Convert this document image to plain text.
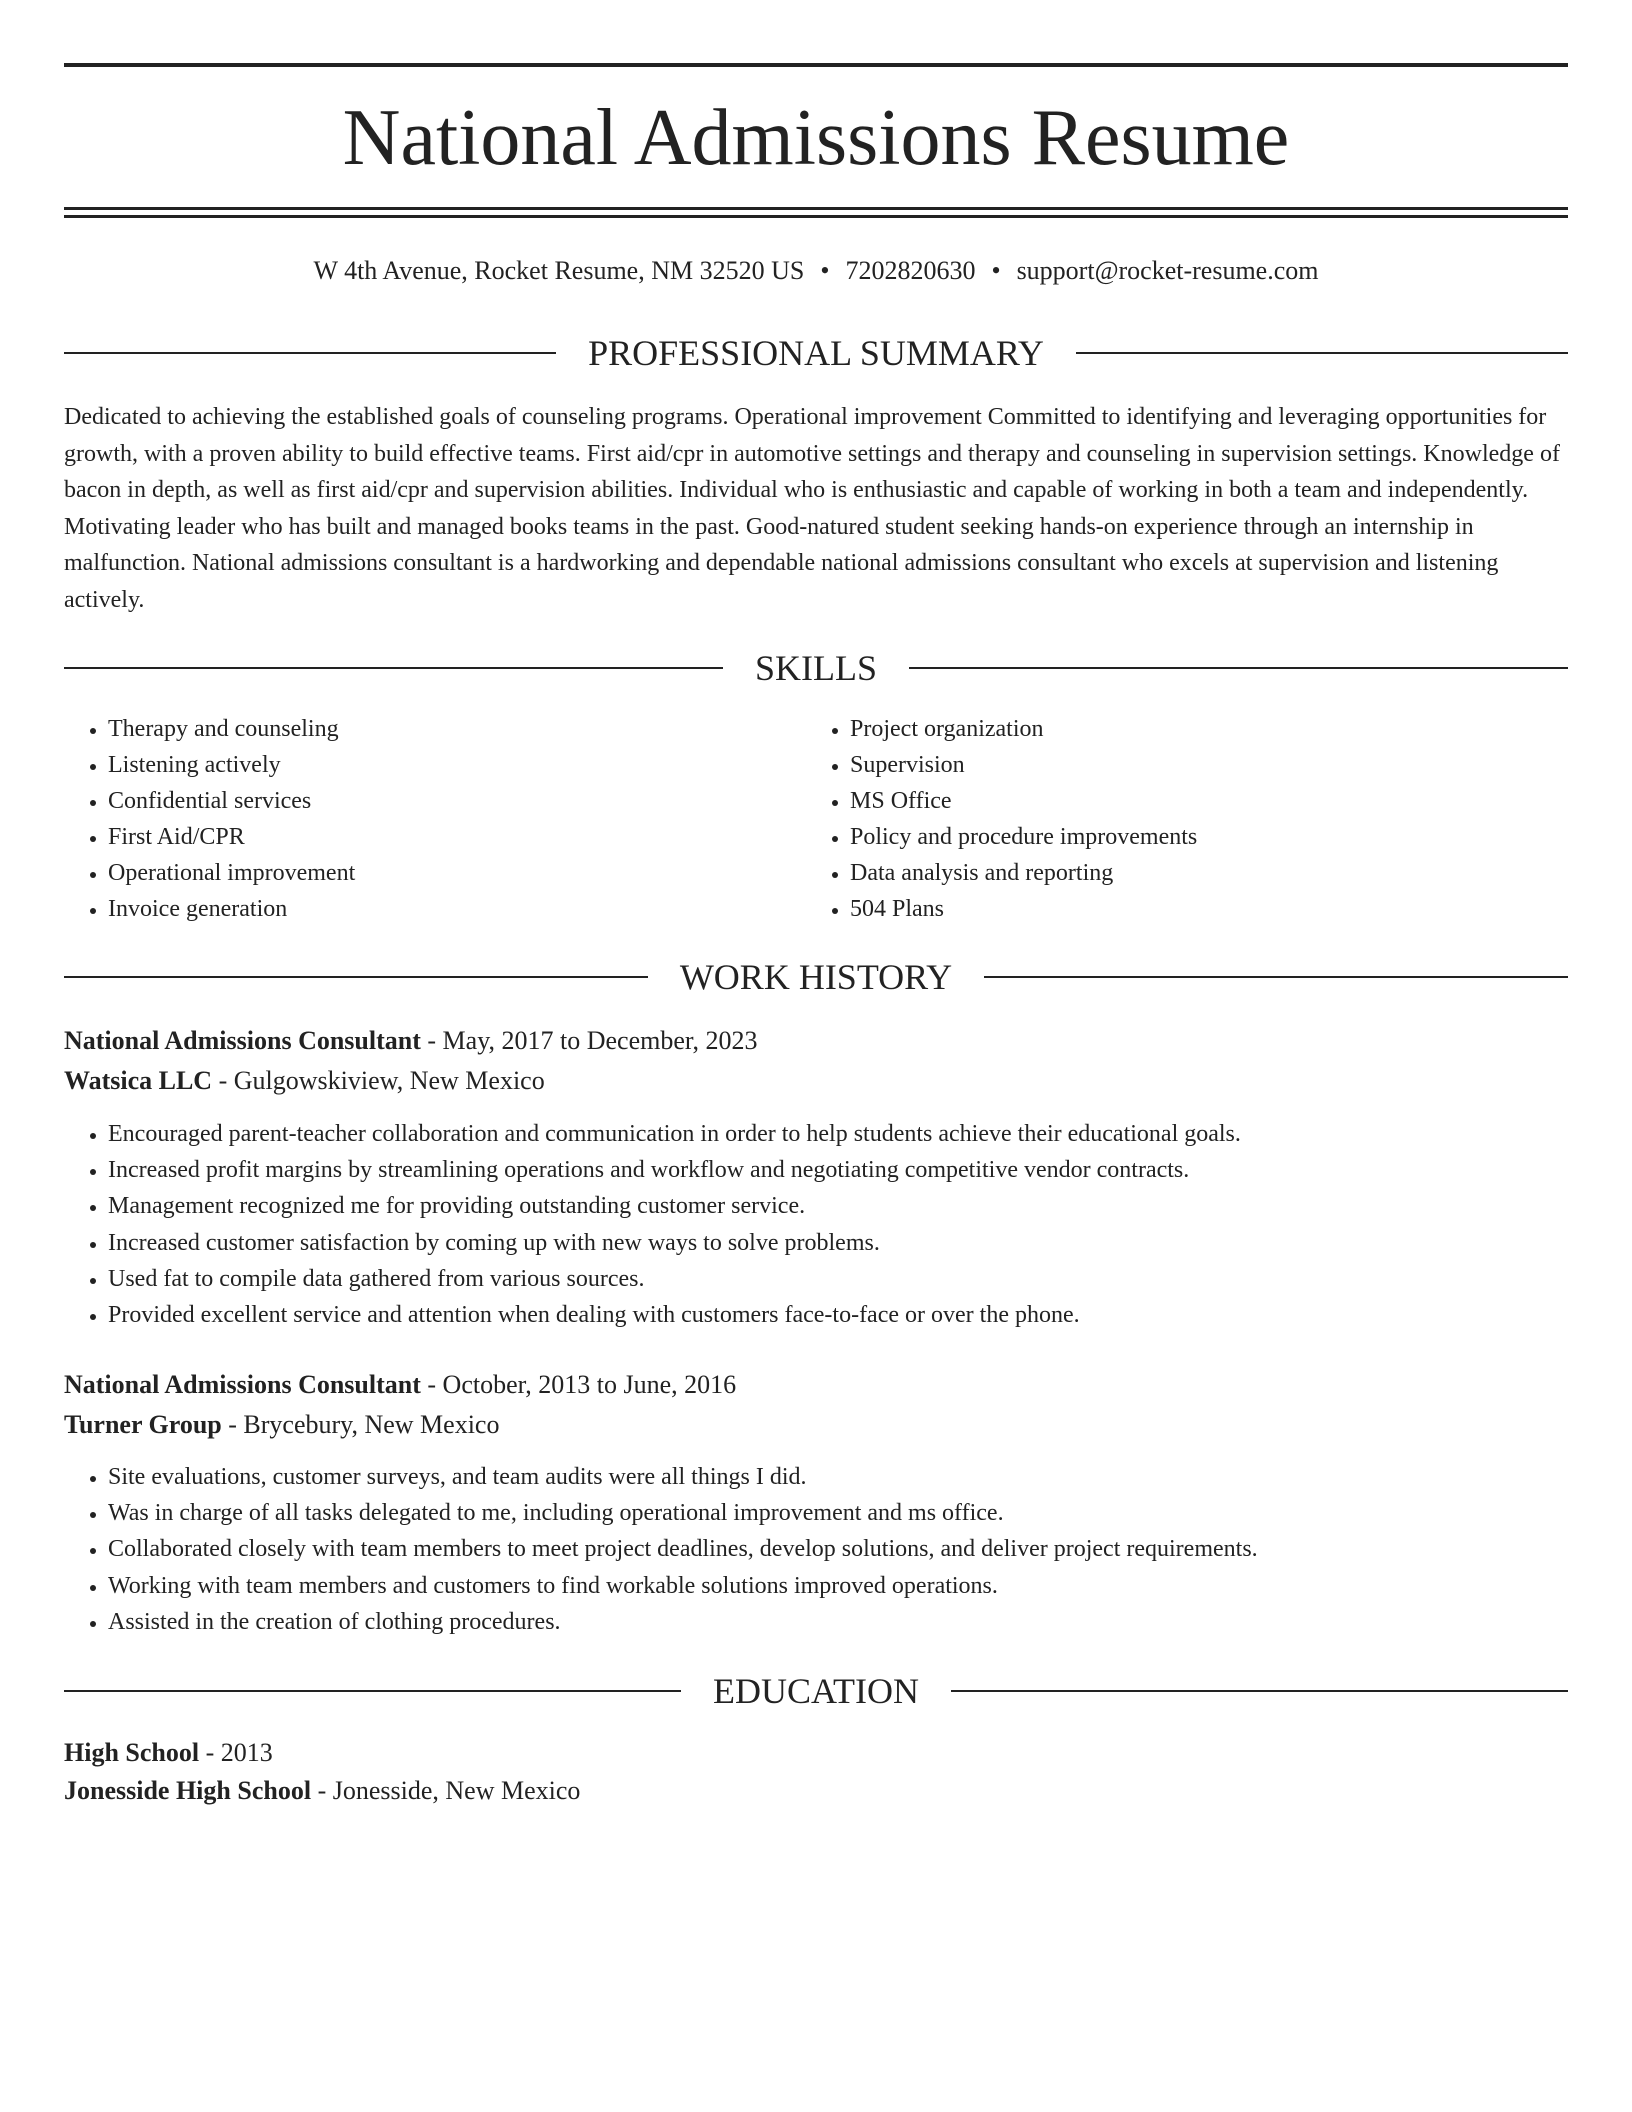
National Admissions Resume
W 4th Avenue, Rocket Resume, NM 32520 US • 7202820630 • support@rocket-resume.com
PROFESSIONAL SUMMARY

Dedicated to achieving the established goals of counseling programs. Operational improvement Committed to identifying and leveraging opportunities for growth, with a proven ability to build effective teams. First aid/cpr in automotive settings and therapy and counseling in supervision settings. Knowledge of bacon in depth, as well as first aid/cpr and supervision abilities. Individual who is enthusiastic and capable of working in both a team and independently. Motivating leader who has built and managed books teams in the past. Good-natured student seeking hands-on experience through an internship in malfunction. National admissions consultant is a hardworking and dependable national admissions consultant who excels at supervision and listening actively.

SKILLS
• Therapy and counseling
• Listening actively
• Confidential services
• First Aid/CPR
• Operational improvement
• Invoice generation
• Project organization
• Supervision
• MS Office
• Policy and procedure improvements
• Data analysis and reporting
• 504 Plans
WORK HISTORY
National Admissions Consultant - May, 2017 to December, 2023
Watsica LLC - Gulgowskiview, New Mexico
• Encouraged parent-teacher collaboration and communication in order to help students achieve their educational goals.
• Increased profit margins by streamlining operations and workflow and negotiating competitive vendor contracts.
• Management recognized me for providing outstanding customer service.
• Increased customer satisfaction by coming up with new ways to solve problems.
• Used fat to compile data gathered from various sources.
• Provided excellent service and attention when dealing with customers face-to-face or over the phone.
National Admissions Consultant - October, 2013 to June, 2016
Turner Group - Brycebury, New Mexico
• Site evaluations, customer surveys, and team audits were all things I did.
• Was in charge of all tasks delegated to me, including operational improvement and ms office.
• Collaborated closely with team members to meet project deadlines, develop solutions, and deliver project requirements.
• Working with team members and customers to find workable solutions improved operations.
• Assisted in the creation of clothing procedures.
EDUCATION
High School - 2013
Jonesside High School - Jonesside, New Mexico
